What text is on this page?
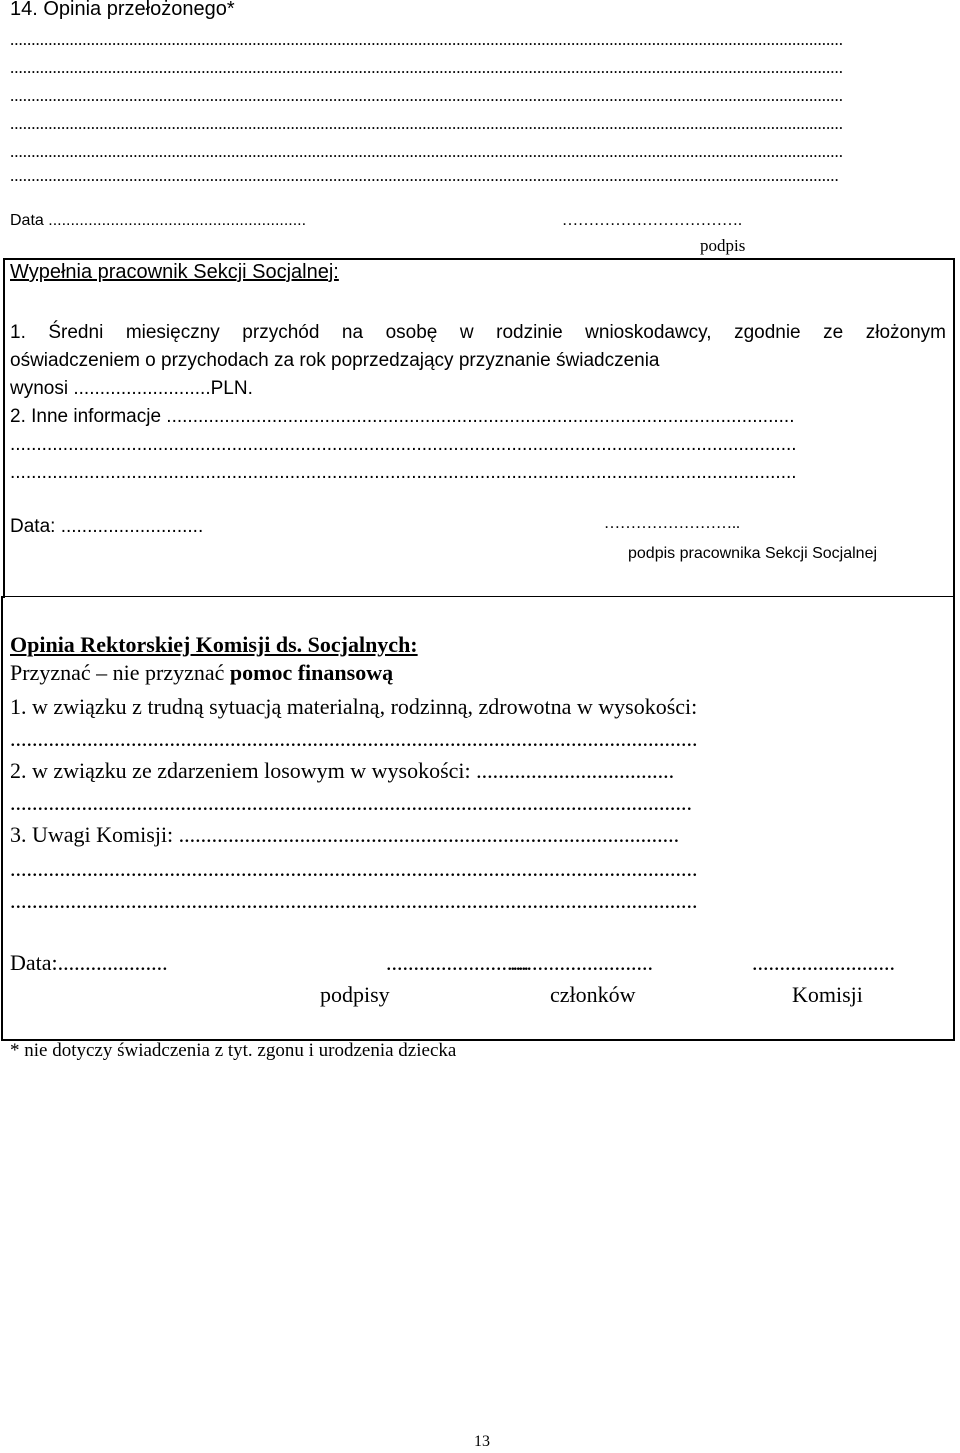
14. Opinia przełożonego*
....................................................................................................................................................................................................
....................................................................................................................................................................................................
....................................................................................................................................................................................................
....................................................................................................................................................................................................
....................................................................................................................................................................................................
...................................................................................................................................................................................................
Data ..........................................................	…………………………….
podpis
Wypełnia pracownik Sekcji Socjalnej:
1. Średni miesięczny przychód na osobę w rodzinie wnioskodawcy, zgodnie ze złożonym
oświadczeniem o przychodach za rok poprzedzający przyznanie świadczenia
wynosi ..........................PLN.
2. Inne informacje .......................................................................................................................
.....................................................................................................................................................
.....................................................................................................................................................
Data: ...........................	……………………..
podpis pracownika Sekcji Socjalnej
Opinia Rektorskiej Komisji ds. Socjalnych:
Przyznać – nie przyznać pomoc finansową
1. w związku z trudną sytuacją materialną, rodzinną, zdrowotna w wysokości:
.............................................................................................................................
2. w związku ze zdarzeniem losowym w wysokości: ....................................
............................................................................................................................
3. Uwagi Komisji: ...........................................................................................
.............................................................................................................................
.............................................................................................................................
Data:....................	..........................
..........................	..........................
podpisy	członków	Komisji
* nie dotyczy świadczenia z tyt. zgonu i urodzenia dziecka
13
